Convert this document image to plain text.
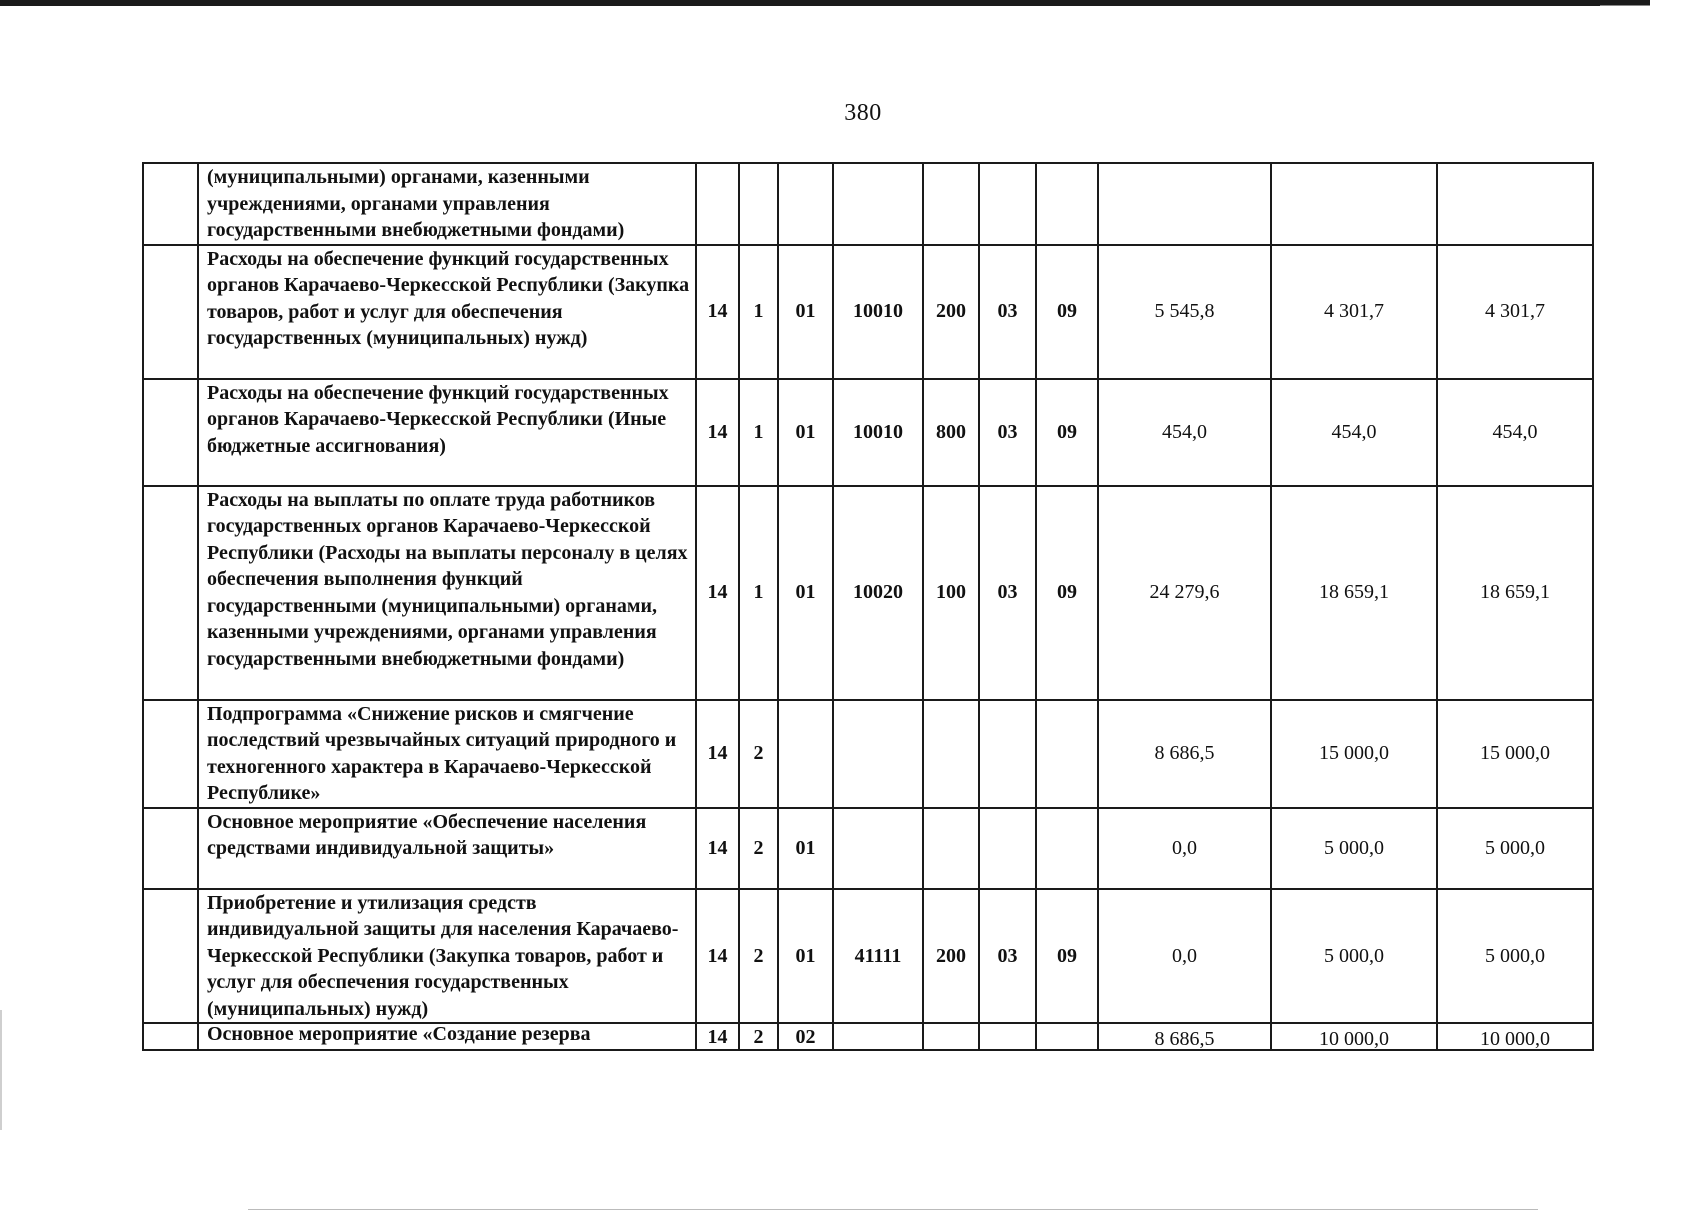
380
	(муниципальными) органами, казенными учреждениями, органами управления государственными внебюджетными фондами)										
	Расходы на обеспечение функций государственных органов Карачаево-Черкесской Республики (Закупка товаров, работ и услуг для обеспечения государственных (муниципальных) нужд)	14	1	01	10010	200	03	09	5 545,8	4 301,7	4 301,7
	Расходы на обеспечение функций государственных органов Карачаево-Черкесской Республики (Иные бюджетные ассигнования)	14	1	01	10010	800	03	09	454,0	454,0	454,0
	Расходы на выплаты по оплате труда работников государственных органов Карачаево-Черкесской Республики (Расходы на выплаты персоналу в целях обеспечения выполнения функций государственными (муниципальными) органами, казенными учреждениями, органами управления государственными внебюджетными фондами)	14	1	01	10020	100	03	09	24 279,6	18 659,1	18 659,1
	Подпрограмма «Снижение рисков и смягчение последствий чрезвычайных ситуаций природного и техногенного характера в Карачаево-Черкесской Республике»	14	2						8 686,5	15 000,0	15 000,0
	Основное мероприятие «Обеспечение населения средствами индивидуальной защиты»	14	2	01					0,0	5 000,0	5 000,0
	Приобретение и утилизация средств индивидуальной защиты для населения Карачаево-Черкесской Республики (Закупка товаров, работ и услуг для обеспечения государственных (муниципальных) нужд)	14	2	01	41111	200	03	09	0,0	5 000,0	5 000,0
	Основное мероприятие «Создание резерва	14	2	02					8 686,5	10 000,0	10 000,0
